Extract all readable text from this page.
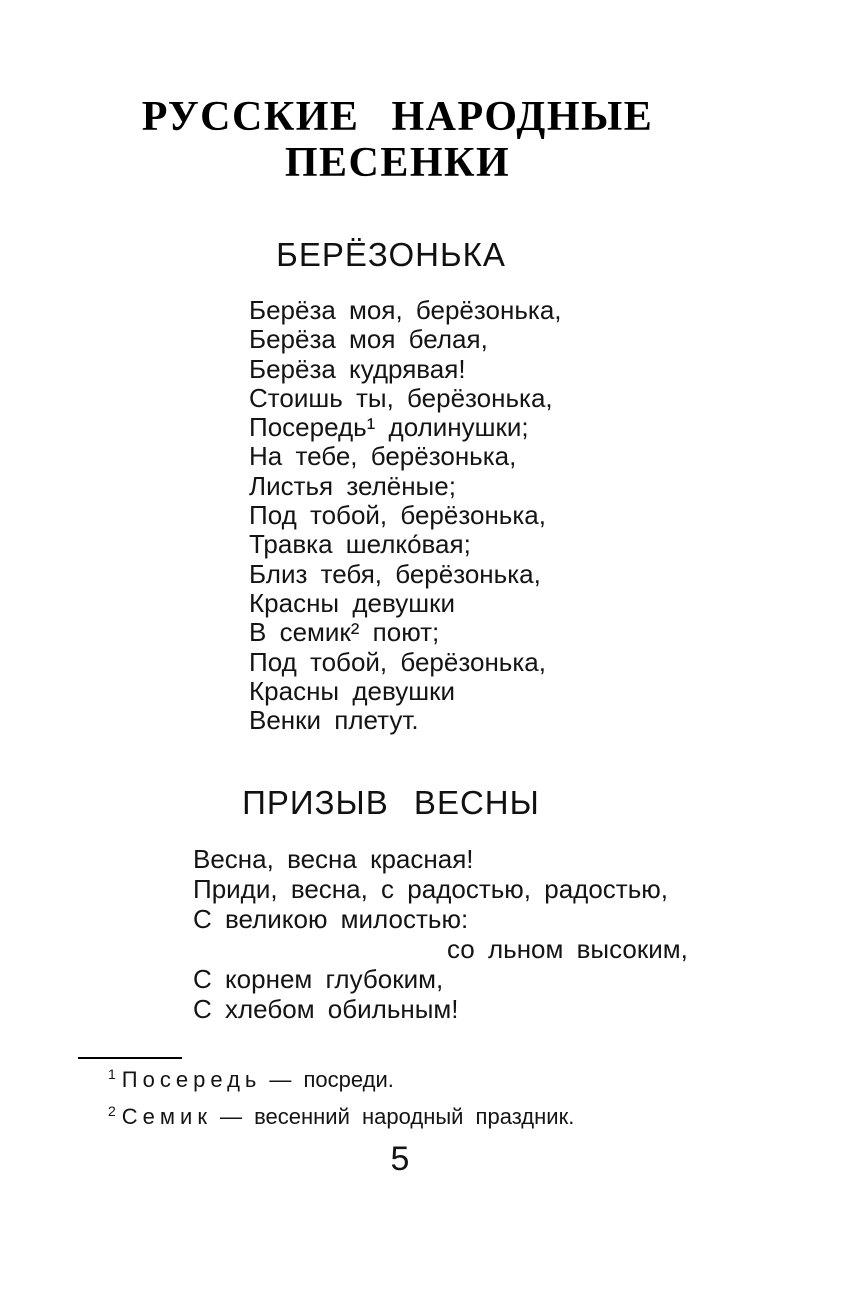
РУССКИЕ НАРОДНЫЕ
ПЕСЕНКИ
БЕРЁЗОНЬКА
Берёза моя, берёзонька,
Берёза моя белая,
Берёза кудрявая!
Стоишь ты, берёзонька,
Посередь¹ долинушки;
На тебе, берёзонька,
Листья зелёные;
Под тобой, берёзонька,
Травка шелко́вая;
Близ тебя, берёзонька,
Красны девушки
В семик² поют;
Под тобой, берёзонька,
Красны девушки
Венки плетут.
ПРИЗЫВ ВЕСНЫ
Весна, весна красная!
Приди, весна, с радостью, радостью,
С великою милостью:
со льном высоким,
С корнем глубоким,
С хлебом обильным!
$^1$ Посередь — посреди.
$^2$ Семик — весенний народный праздник.
5
